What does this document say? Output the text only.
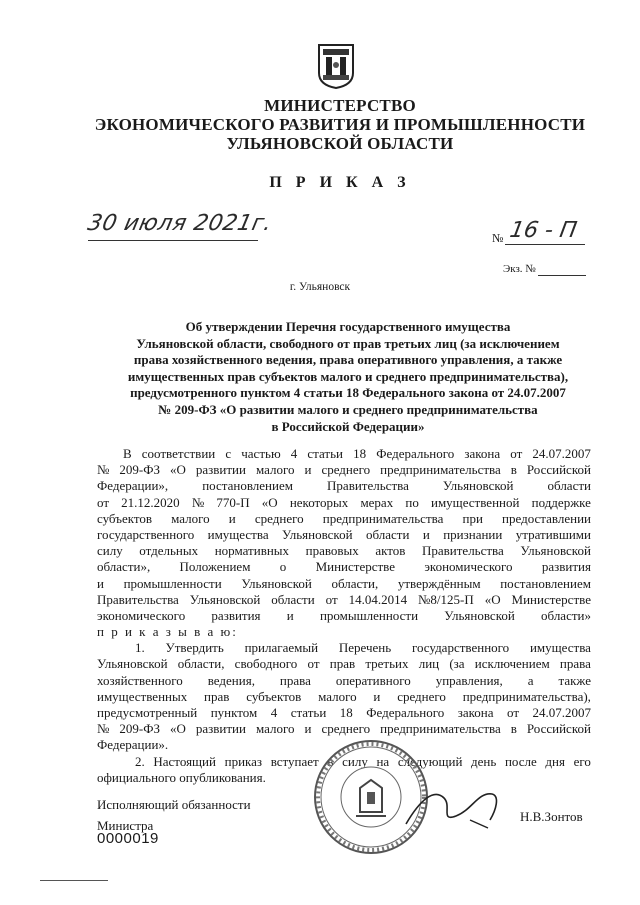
МИНИСТЕРСТВО
ЭКОНОМИЧЕСКОГО РАЗВИТИЯ И ПРОМЫШЛЕННОСТИ
УЛЬЯНОВСКОЙ ОБЛАСТИ
П Р И К А З
30 июля 2021г.
№ 16 - П
Экз. №
г. Ульяновск
Об утверждении Перечня государственного имущества
Ульяновской области, свободного от прав третьих лиц (за исключением
права хозяйственного ведения, права оперативного управления, а также
имущественных прав субъектов малого и среднего предпринимательства),
предусмотренного пунктом 4 статьи 18 Федерального закона от 24.07.2007
№ 209-ФЗ «О развитии малого и среднего предпринимательства
в Российской Федерации»
В соответствии с частью 4 статьи 18 Федерального закона от 24.07.2007
№ 209-ФЗ «О развитии малого и среднего предпринимательства в Российской
Федерации»,	постановлением	Правительства	Ульяновской	области
от 21.12.2020 № 770-П «О некоторых мерах по имущественной поддержке
субъектов малого и среднего предпринимательства при предоставлении
государственного имущества Ульяновской области и признании утратившими
силу отдельных нормативных правовых актов Правительства Ульяновской
области», Положением о Министерстве экономического развития
и промышленности Ульяновской области, утверждённым постановлением
Правительства Ульяновской области от 14.04.2014 №8/125-П «О Министерстве
экономического развития и промышленности Ульяновской области»
п р и к а з ы в а ю:
1. Утвердить прилагаемый Перечень государственного имущества
Ульяновской области, свободного от прав третьих лиц (за исключением права
хозяйственного ведения, права оперативного управления, а также
имущественных прав субъектов малого и среднего предпринимательства),
предусмотренный пунктом 4 статьи 18 Федерального закона от 24.07.2007
№ 209-ФЗ «О развитии малого и среднего предпринимательства в Российской
Федерации».
2. Настоящий приказ вступает в силу на следующий день после дня его
официального опубликования.
Исполняющий обязанности
Министра
0000019
Н.В.Зонтов
